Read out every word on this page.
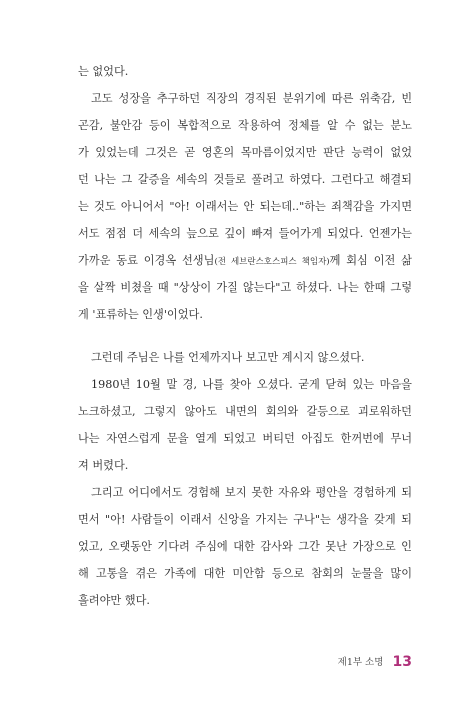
는 없었다.
고도 성장을 추구하던 직장의 경직된 분위기에 따른 위축감, 빈
곤감, 불안감 등이 복합적으로 작용하여 정체를 알 수 없는 분노
가 있었는데 그것은 곧 영혼의 목마름이었지만 판단 능력이 없었
던 나는 그 갈증을 세속의 것들로 풀려고 하였다. 그런다고 해결되
는 것도 아니어서 "아! 이래서는 안 되는데.."하는 죄책감을 가지면
서도 점점 더 세속의 늪으로 깊이 빠져 들어가게 되었다. 언젠가는
가까운 동료 이경옥 선생님(전 세브란스호스피스 책임자)께 회심 이전 삶
을 살짝 비쳤을 때 "상상이 가질 않는다"고 하셨다. 나는 한때 그렇
게 '표류하는 인생'이었다.
그런데 주님은 나를 언제까지나 보고만 계시지 않으셨다.
1980년 10월 말 경, 나를 찾아 오셨다. 굳게 닫혀 있는 마음을
노크하셨고, 그렇지 않아도 내면의 회의와 갈등으로 괴로워하던
나는 자연스럽게 문을 열게 되었고 버티던 아집도 한꺼번에 무너
져 버렸다.
그리고 어디에서도 경험해 보지 못한 자유와 평안을 경험하게 되
면서 "아! 사람들이 이래서 신앙을 가지는 구나"는 생각을 갖게 되
었고, 오랫동안 기다려 주심에 대한 감사와 그간 못난 가장으로 인
해 고통을 겪은 가족에 대한 미안함 등으로 참회의 눈물을 많이
흘려야만 했다.
제1부 소명 13
